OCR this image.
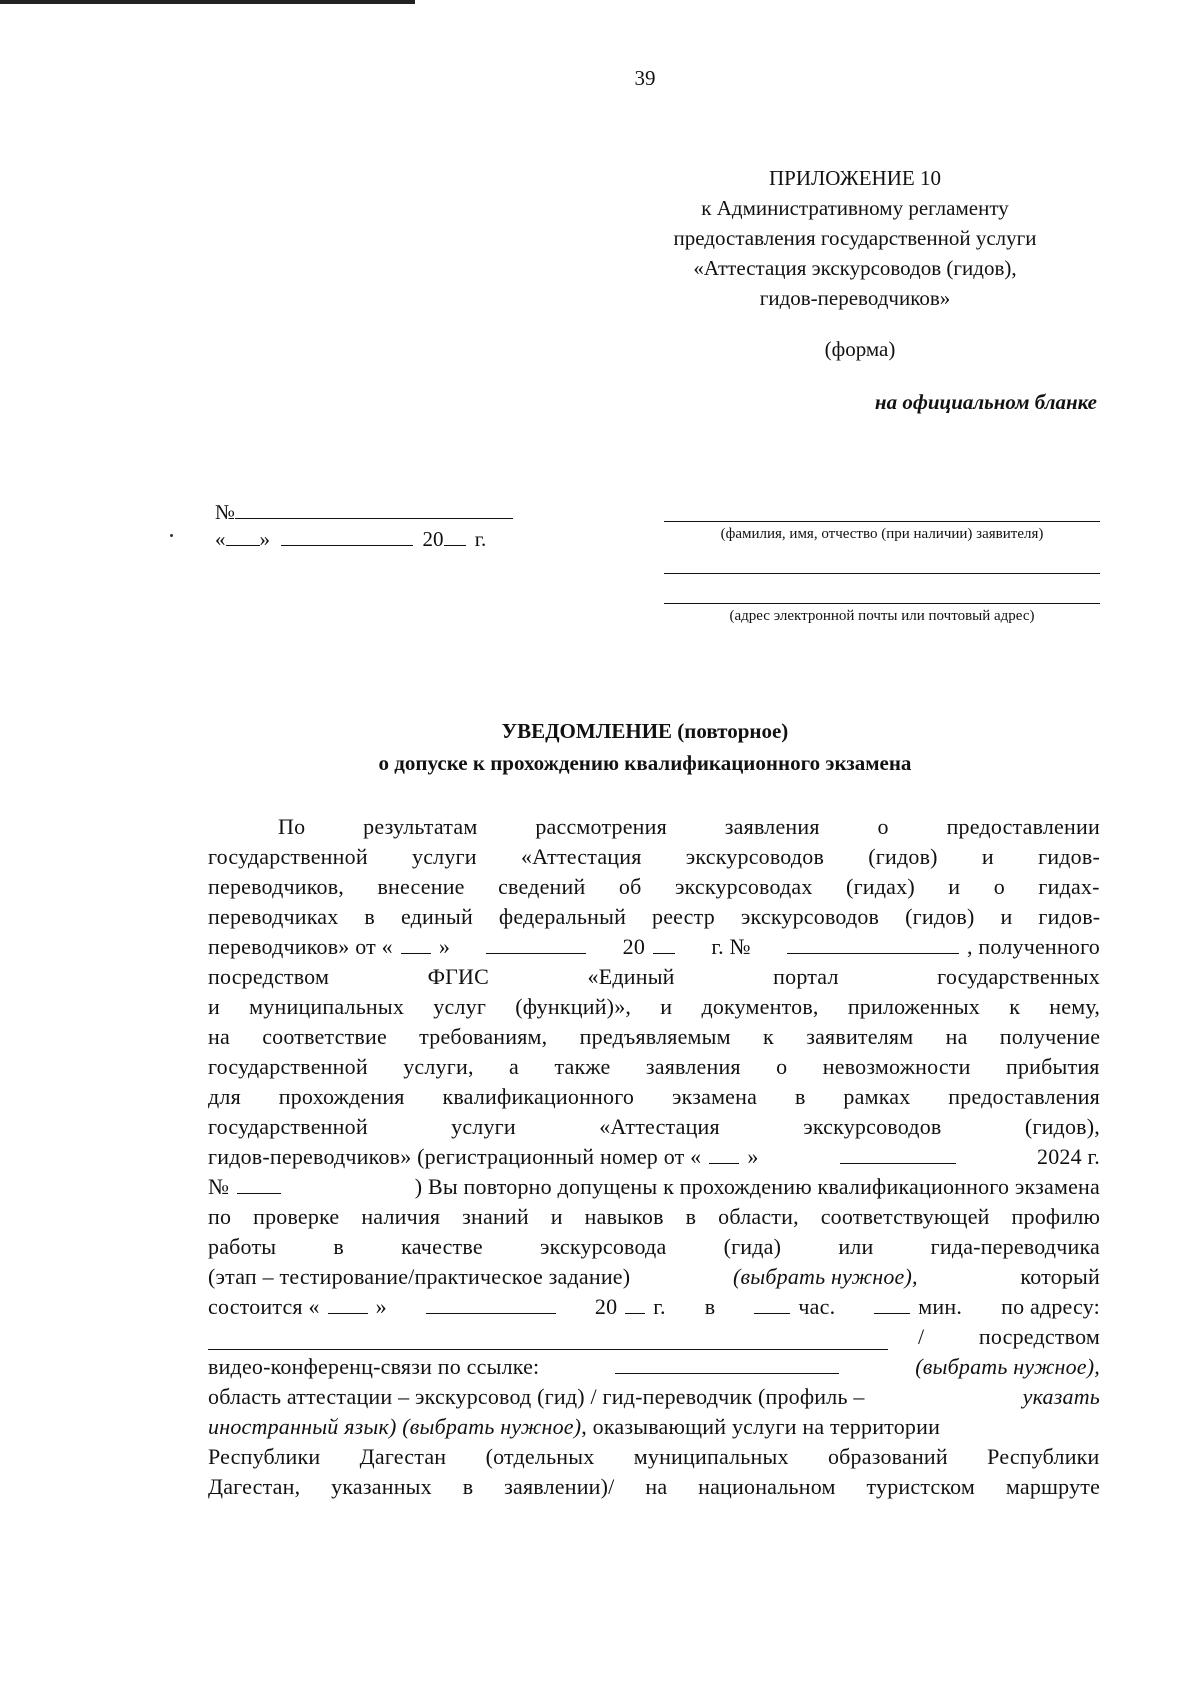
39
ПРИЛОЖЕНИЕ 10
к Административному регламенту
предоставления государственной услуги
«Аттестация экскурсоводов (гидов),
гидов-переводчиков»
(форма)
на официальном бланке
№
« »	20 г.	(фамилия, имя, отчество (при наличии) заявителя)
(адрес электронной почты или почтовый адрес)
УВЕДОМЛЕНИЕ (повторное)
о допуске к прохождению квалификационного экзамена
По	результатам	рассмотрения	заявления	о	предоставлении
государственной услуги «Аттестация экскурсоводов (гидов) и гидов-
переводчиков, внесение сведений об экскурсоводах (гидах) и о гидах-
переводчиках в единый федеральный реестр экскурсоводов (гидов) и гидов-
переводчиков» от « »	20	г. №	, полученного
посредством	ФГИС	«Единый	портал	государственных
и муниципальных услуг (функций)», и документов, приложенных к нему,
на соответствие требованиям, предъявляемым к заявителям на получение
государственной услуги, а также заявления о невозможности прибытия
для прохождения квалификационного экзамена в рамках предоставления
государственной	услуги	«Аттестация	экскурсоводов	(гидов),
гидов-переводчиков» (регистрационный номер от « »	2024 г.
№	) Вы повторно допущены к прохождению квалификационного экзамена
по проверке наличия знаний и навыков в области, соответствующей профилю
работы	в	качестве	экскурсовода	(гида)	или	гида-переводчика
(этап – тестирование/практическое задание)	(выбрать нужное),	который
состоится «	»	20 г. в	час.	мин. по адресу:
/ посредством
видео-конференц-связи по ссылке:	(выбрать нужное),
область аттестации – экскурсовод (гид) / гид-переводчик (профиль –	указать
иностранный язык) (выбрать нужное) , оказывающий услуги на территории
Республики Дагестан (отдельных муниципальных образований Республики
Дагестан, указанных в заявлении)/ на национальном туристском маршруте
